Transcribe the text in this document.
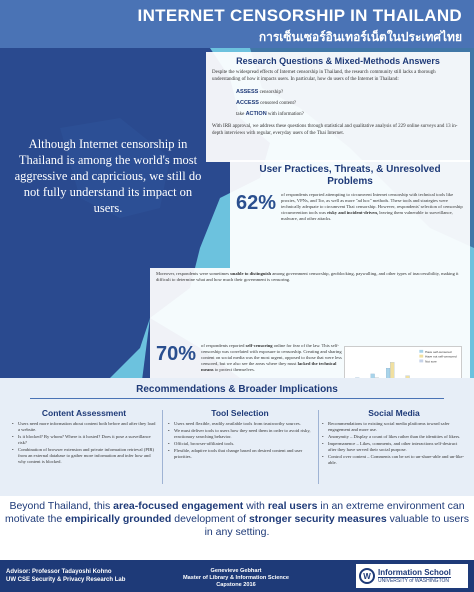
INTERNET CENSORSHIP IN THAILAND
การเซ็นเซอร์อินเทอร์เน็ตในประเทศไทย
Research Questions & Mixed-Methods Answers

Despite the widespread effects of Internet censorship in Thailand, the research community still lacks a thorough understanding of how it impacts users. In particular, how do users of the Internet in Thailand:

ASSESS censorship?
ACCESS censored content?
take ACTION with information?

With IRB approval, we address these questions through statistical and qualitative analysis of 229 online surveys and 13 in-depth interviews with regular, everyday users of the Thai Internet.

Although Internet censorship in Thailand is among the world's most aggressive and capricious, we still do not fully understand its impact on users.
User Practices, Threats, & Unresolved Problems
62% of respondents reported attempting to circumvent Internet censorship with technical tools like proxies, VPNs, and Tor, as well as more "ad hoc" methods. These tools and strategies were technically adequate to circumvent Thai censorship. However, respondents' selection of censorship circumvention tools was risky and incident-driven, leaving them vulnerable to surveillance, malware, and other attacks.
Moreover, respondents were sometimes unable to distinguish among government censorship, geoblocking, paywalling, and other types of inaccessibility, making it difficult to determine what and how much their government is censoring.
70% of respondents reported self-censoring online for fear of the law. This self-censorship was correlated with exposure to censorship. Creating and sharing content on social media was the most urgent, opposed to those that were less censored, but we also see the areas where they must lacked the technical means to protect themselves.
Have self-censored
Have not self-censored
Not sure
Recommendations & Broader Implications
Content Assessment
• Users need more information about content both before and after they load a website.
• Is it blocked? By whom? Where is it hosted? Does it pose a surveillance risk?
• Combination of browser extension and private information retrieval (PIR) from an external database to gather more information and infer how and why content is blocked.
Tool Selection
• Users need flexible, readily available tools from trustworthy sources.
• We must deliver tools to users how they need them in order to avoid risky, reactionary searching behavior.
• Official, browser-affiliated tools.
• Flexible, adaptive tools that change based on desired content and user priorities.
Social Media
• Recommendations to existing social media platforms toward safer engagement and more use.
• Anonymity – Display a count of likes rather than the identities of likers.
• Impermanence – Likes, comments, and other interactions self-destruct after they have served their social purpose.
• Control over content – Comments can be set to un-share-able and un-like-able.
Beyond Thailand, this area-focused engagement with real users in an extreme environment can motivate the empirically grounded development of stronger security measures valuable to users in any setting.
Advisor: Professor Tadayoshi Kohno
UW CSE Security & Privacy Research Lab
Genevieve Gebhart
Master of Library & Information Science
Capstone 2016
W Information School
UNIVERSITY of WASHINGTON
